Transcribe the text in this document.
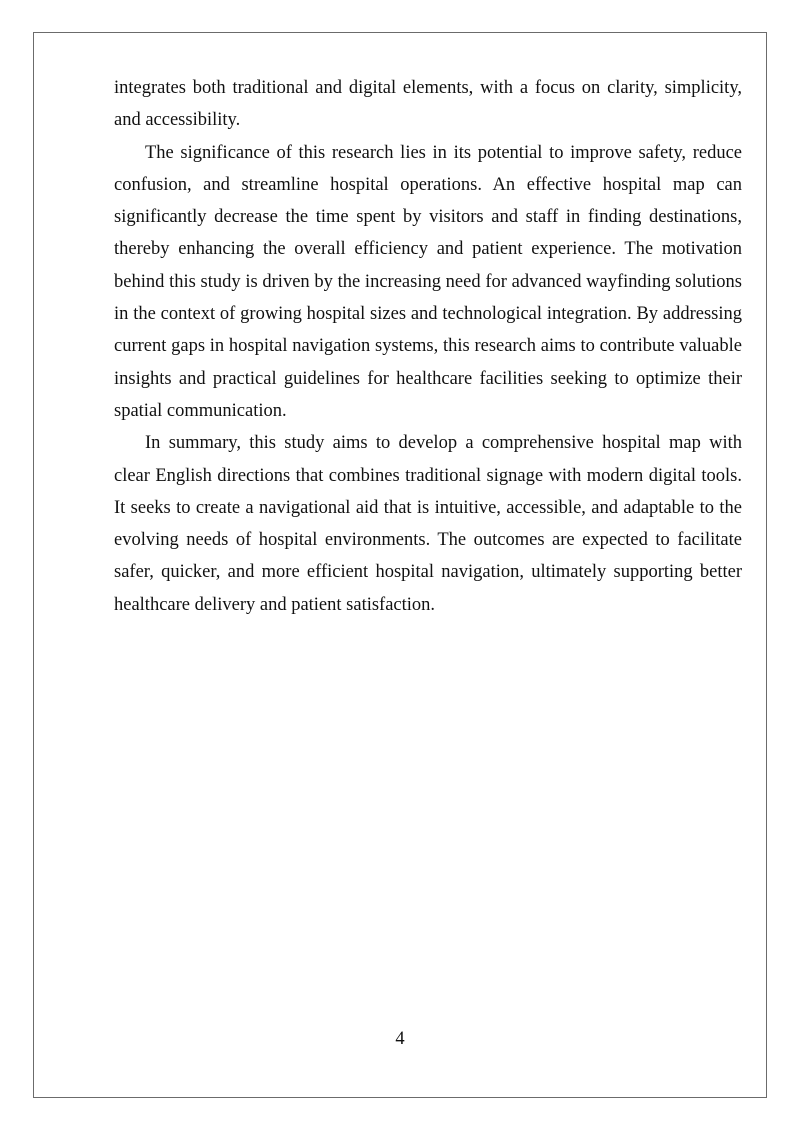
integrates both traditional and digital elements, with a focus on clarity, simplicity, and accessibility.

The significance of this research lies in its potential to improve safety, reduce confusion, and streamline hospital operations. An effective hospital map can significantly decrease the time spent by visitors and staff in finding destinations, thereby enhancing the overall efficiency and patient experience. The motivation behind this study is driven by the increasing need for advanced wayfinding solutions in the context of growing hospital sizes and technological integration. By addressing current gaps in hospital navigation systems, this research aims to contribute valuable insights and practical guidelines for healthcare facilities seeking to optimize their spatial communication.

In summary, this study aims to develop a comprehensive hospital map with clear English directions that combines traditional signage with modern digital tools. It seeks to create a navigational aid that is intuitive, accessible, and adaptable to the evolving needs of hospital environments. The outcomes are expected to facilitate safer, quicker, and more efficient hospital navigation, ultimately supporting better healthcare delivery and patient satisfaction.

4
